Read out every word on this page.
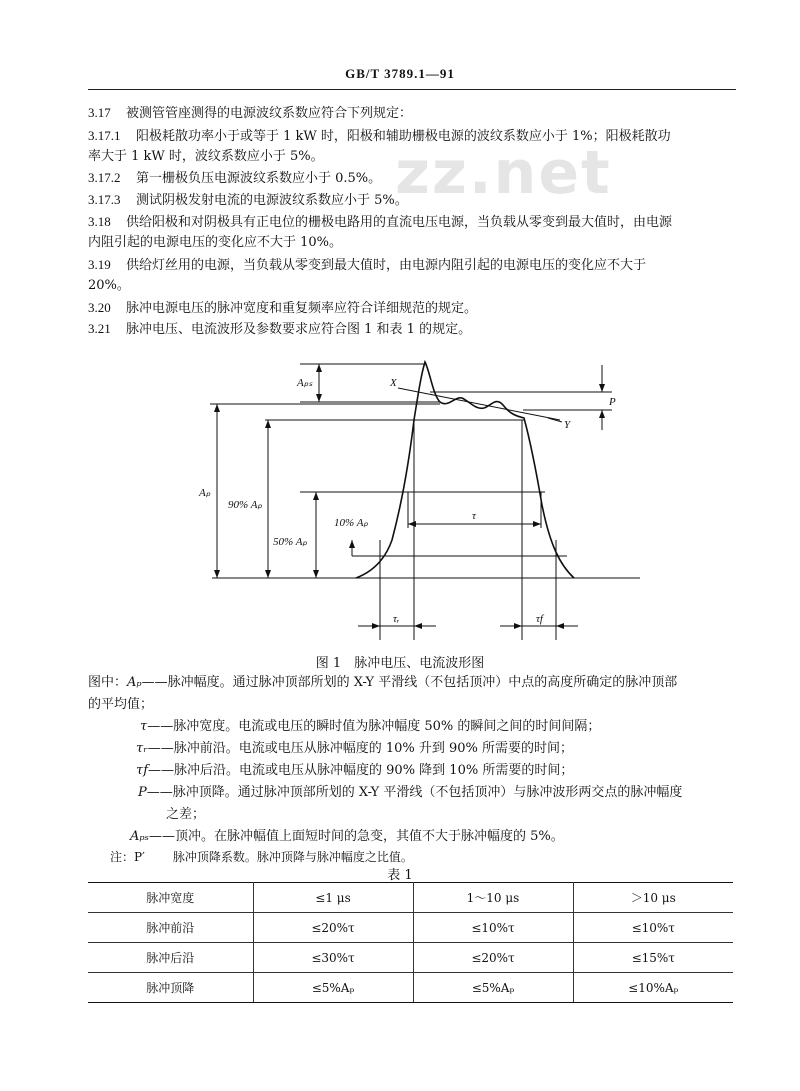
GB/T 3789.1—91
zz.net
3.17 被测管管座测得的电源波纹系数应符合下列规定：
3.17.1 阳极耗散功率小于或等于 1 kW 时，阳极和辅助栅极电源的波纹系数应小于 1%；阳极耗散功
率大于 1 kW 时，波纹系数应小于 5%。
3.17.2 第一栅极负压电源波纹系数应小于 0.5%。
3.17.3 测试阴极发射电流的电源波纹系数应小于 5%。
3.18 供给阳极和对阴极具有正电位的栅极电路用的直流电压电源，当负载从零变到最大值时，由电源
内阻引起的电源电压的变化应不大于 10%。
3.19 供给灯丝用的电源，当负载从零变到最大值时，由电源内阻引起的电源电压的变化应不大于
20%。
3.20 脉冲电源电压的脉冲宽度和重复频率应符合详细规范的规定。
3.21 脉冲电压、电流波形及参数要求应符合图 1 和表 1 的规定。
Aₚₛ	X
Y
P
Aₚ
90% Aₚ
50% Aₚ
10% Aₚ
τ
τᵣ	τf
图 1　脉冲电压、电流波形图
图中：Aₚ——脉冲幅度。通过脉冲顶部所划的 X-Y 平滑线（不包括顶冲）中点的高度所确定的脉冲顶部
的平均值；
τ——脉冲宽度。电流或电压的瞬时值为脉冲幅度 50% 的瞬间之间的时间间隔；
τᵣ——脉冲前沿。电流或电压从脉冲幅度的 10% 升到 90% 所需要的时间；
τf——脉冲后沿。电流或电压从脉冲幅度的 90% 降到 10% 所需要的时间；
P——脉冲顶降。通过脉冲顶部所划的 X-Y 平滑线（不包括顶冲）与脉冲波形两交点的脉冲幅度
之差；
Aₚₛ——顶冲。在脉冲幅值上面短时间的急变，其值不大于脉冲幅度的 5%。
注：P′ 脉冲顶降系数。脉冲顶降与脉冲幅度之比值。
表 1
脉冲宽度	≤1 μs	1～10 μs	＞10 μs
脉冲前沿	≤20%τ	≤10%τ	≤10%τ
脉冲后沿	≤30%τ	≤20%τ	≤15%τ
脉冲顶降	≤5%Aₚ	≤5%Aₚ	≤10%Aₚ
